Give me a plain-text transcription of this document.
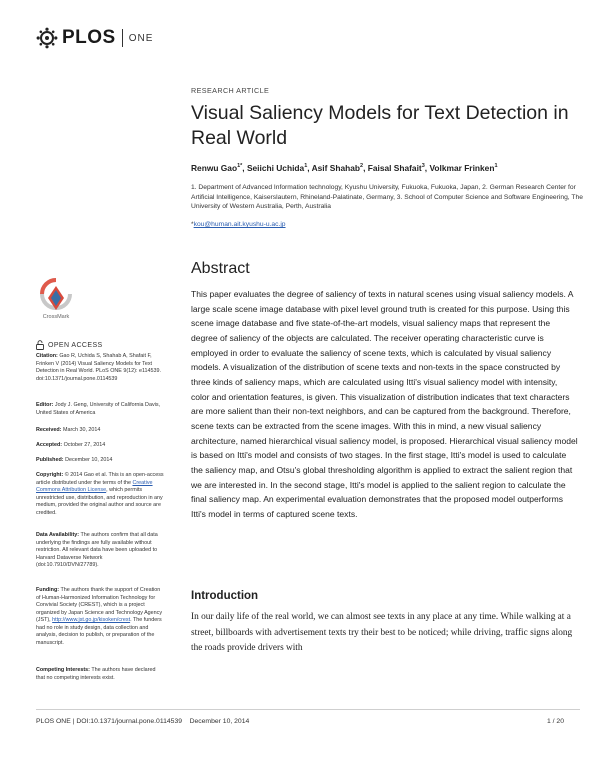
PLOS ONE
RESEARCH ARTICLE
Visual Saliency Models for Text Detection in Real World
Renwu Gao$^{1*}$, Seiichi Uchida$^1$, Asif Shahab$^2$, Faisal Shafait$^3$, Volkmar Frinken$^1$
1. Department of Advanced Information technology, Kyushu University, Fukuoka, Fukuoka, Japan, 2. German Research Center for Artificial Intelligence, Kaiserslautern, Rhineland-Palatinate, Germany, 3. School of Computer Science and Software Engineering, The University of Western Australia, Perth, Australia
*kou@human.ait.kyushu-u.ac.jp
Abstract
This paper evaluates the degree of saliency of texts in natural scenes using visual saliency models. A large scale scene image database with pixel level ground truth is created for this purpose. Using this scene image database and five state-of-the-art models, visual saliency maps that represent the degree of saliency of the objects are calculated. The receiver operating characteristic curve is employed in order to evaluate the saliency of scene texts, which is calculated by visual saliency models. A visualization of the distribution of scene texts and non-texts in the space constructed by three kinds of saliency maps, which are calculated using Itti's visual saliency model with intensity, color and orientation features, is given. This visualization of distribution indicates that text characters are more salient than their non-text neighbors, and can be captured from the background. Therefore, scene texts can be extracted from the scene images. With this in mind, a new visual saliency architecture, named hierarchical visual saliency model, is proposed. Hierarchical visual saliency model is based on Itti's model and consists of two stages. In the first stage, Itti's model is used to calculate the saliency map, and Otsu's global thresholding algorithm is applied to extract the salient region that we are interested in. In the second stage, Itti's model is applied to the salient region to calculate the final saliency map. An experimental evaluation demonstrates that the proposed model outperforms Itti's model in terms of captured scene texts.
CrossMark
OPEN ACCESS
Citation: Gao R, Uchida S, Shahab A, Shafait F, Frinken V (2014) Visual Saliency Models for Text Detection in Real World. PLoS ONE 9(12): e114539. doi:10.1371/journal.pone.0114539
Editor: Jody J. Geng, University of California Davis, United States of America
Received: March 30, 2014
Accepted: October 27, 2014
Published: December 10, 2014
Copyright: © 2014 Gao et al. This is an open-access article distributed under the terms of the Creative Commons Attribution License, which permits unrestricted use, distribution, and reproduction in any medium, provided the original author and source are credited.
Data Availability: The authors confirm that all data underlying the findings are fully available without restriction. All relevant data have been uploaded to Harvard Dataverse Network (doi:10.7910/DVN/27789).
Funding: The authors thank the support of Creation of Human-Harmonized Information Technology for Convivial Society (CREST), which is a project organized by Japan Science and Technology Agency (JST), http://www.jst.go.jp/kisoken/crest. The funders had no role in study design, data collection and analysis, decision to publish, or preparation of the manuscript.
Competing Interests: The authors have declared that no competing interests exist.
Introduction
In our daily life of the real world, we can almost see texts in any place at any time. While walking at a street, billboards with advertisement texts try their best to be noticed; while driving, traffic signs along the roads provide drivers with
PLOS ONE | DOI:10.1371/journal.pone.0114539 December 10, 2014	1 / 20
